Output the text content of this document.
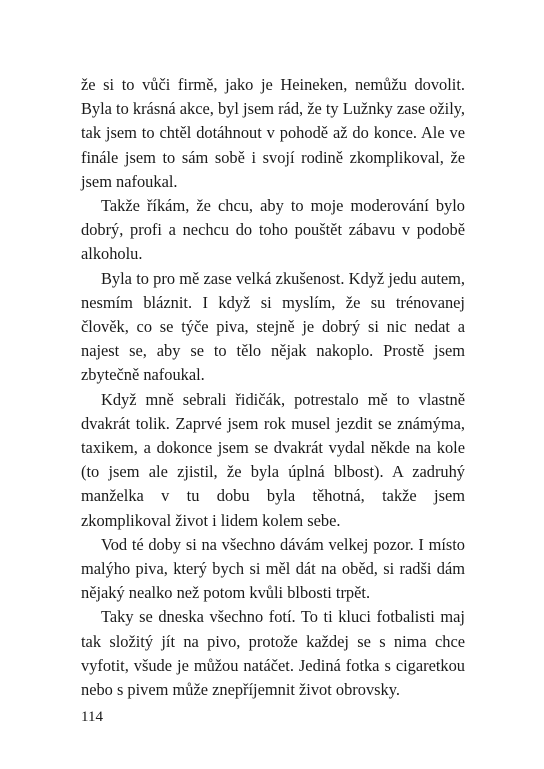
že si to vůči firmě, jako je Heineken, nemůžu dovolit. Byla to krásná akce, byl jsem rád, že ty Lužnky zase ožily, tak jsem to chtěl dotáhnout v pohodě až do konce. Ale ve finále jsem to sám sobě i svojí rodině zkomplikoval, že jsem nafoukal.

Takže říkám, že chcu, aby to moje moderování bylo dobrý, profi a nechcu do toho pouštět zábavu v podobě alkoholu.

Byla to pro mě zase velká zkušenost. Když jedu autem, nesmím bláznit. I když si myslím, že su trénovanej člověk, co se týče piva, stejně je dobrý si nic nedat a najest se, aby se to tělo nějak nakoplo. Prostě jsem zbytečně nafoukal.

Když mně sebrali řidičák, potrestalo mě to vlastně dvakrát tolik. Zaprvé jsem rok musel jezdit se známýma, taxikem, a dokonce jsem se dvakrát vydal někde na kole (to jsem ale zjistil, že byla úplná blbost). A zadruhý manželka v tu dobu byla těhotná, takže jsem zkomplikoval život i lidem kolem sebe.

Vod té doby si na všechno dávám velkej pozor. I místo malýho piva, který bych si měl dát na oběd, si radši dám nějaký nealko než potom kvůli blbosti trpět.

Taky se dneska všechno fotí. To ti kluci fotbalisti maj tak složitý jít na pivo, protože každej se s nima chce vyfotit, všude je můžou natáčet. Jediná fotka s cigaretkou nebo s pivem může znepříjemnit život obrovsky.

114
